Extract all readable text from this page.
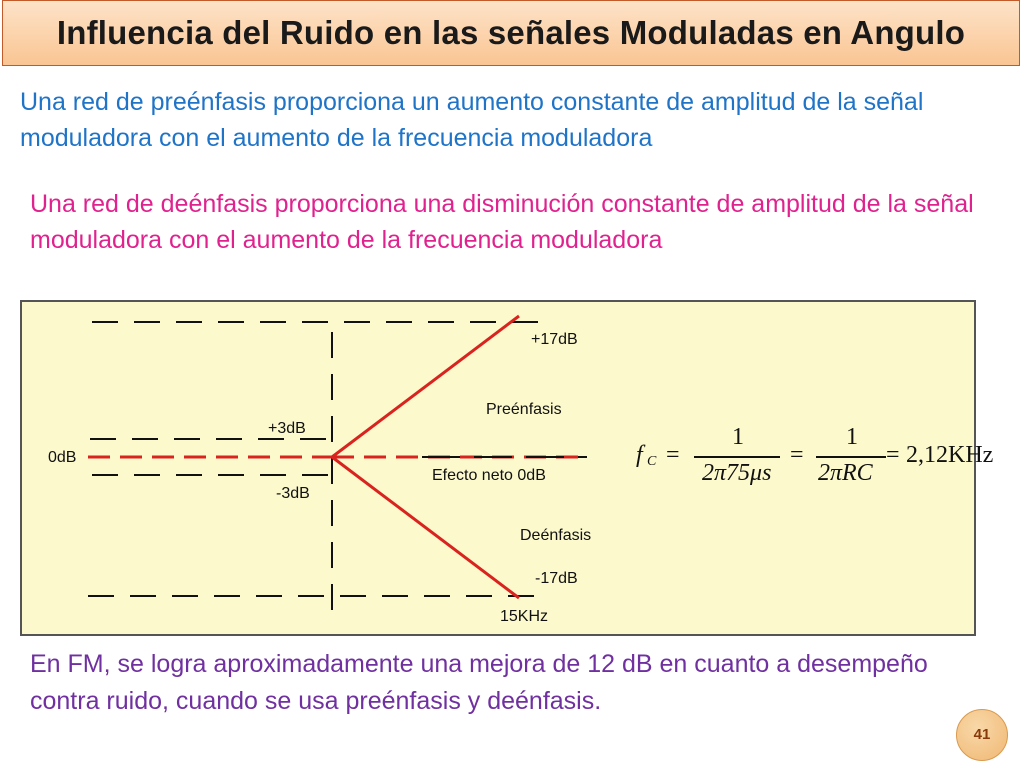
Influencia del Ruido en las señales Moduladas en Angulo

Una red de preénfasis proporciona un aumento constante de amplitud de la señal moduladora con el aumento de la frecuencia moduladora

Una red de deénfasis proporciona una disminución constante de amplitud de la señal moduladora con el aumento de la frecuencia moduladora

+17dB
Preénfasis
+3dB
0dB
Efecto neto 0dB
-3dB
Deénfasis
-17dB
15KHz
f C =
1
2π75μs
=
1
2πRC
= 2,12KHz

En FM, se logra aproximadamente una mejora de 12 dB en cuanto a desempeño contra ruido, cuando se usa preénfasis y deénfasis.

41
